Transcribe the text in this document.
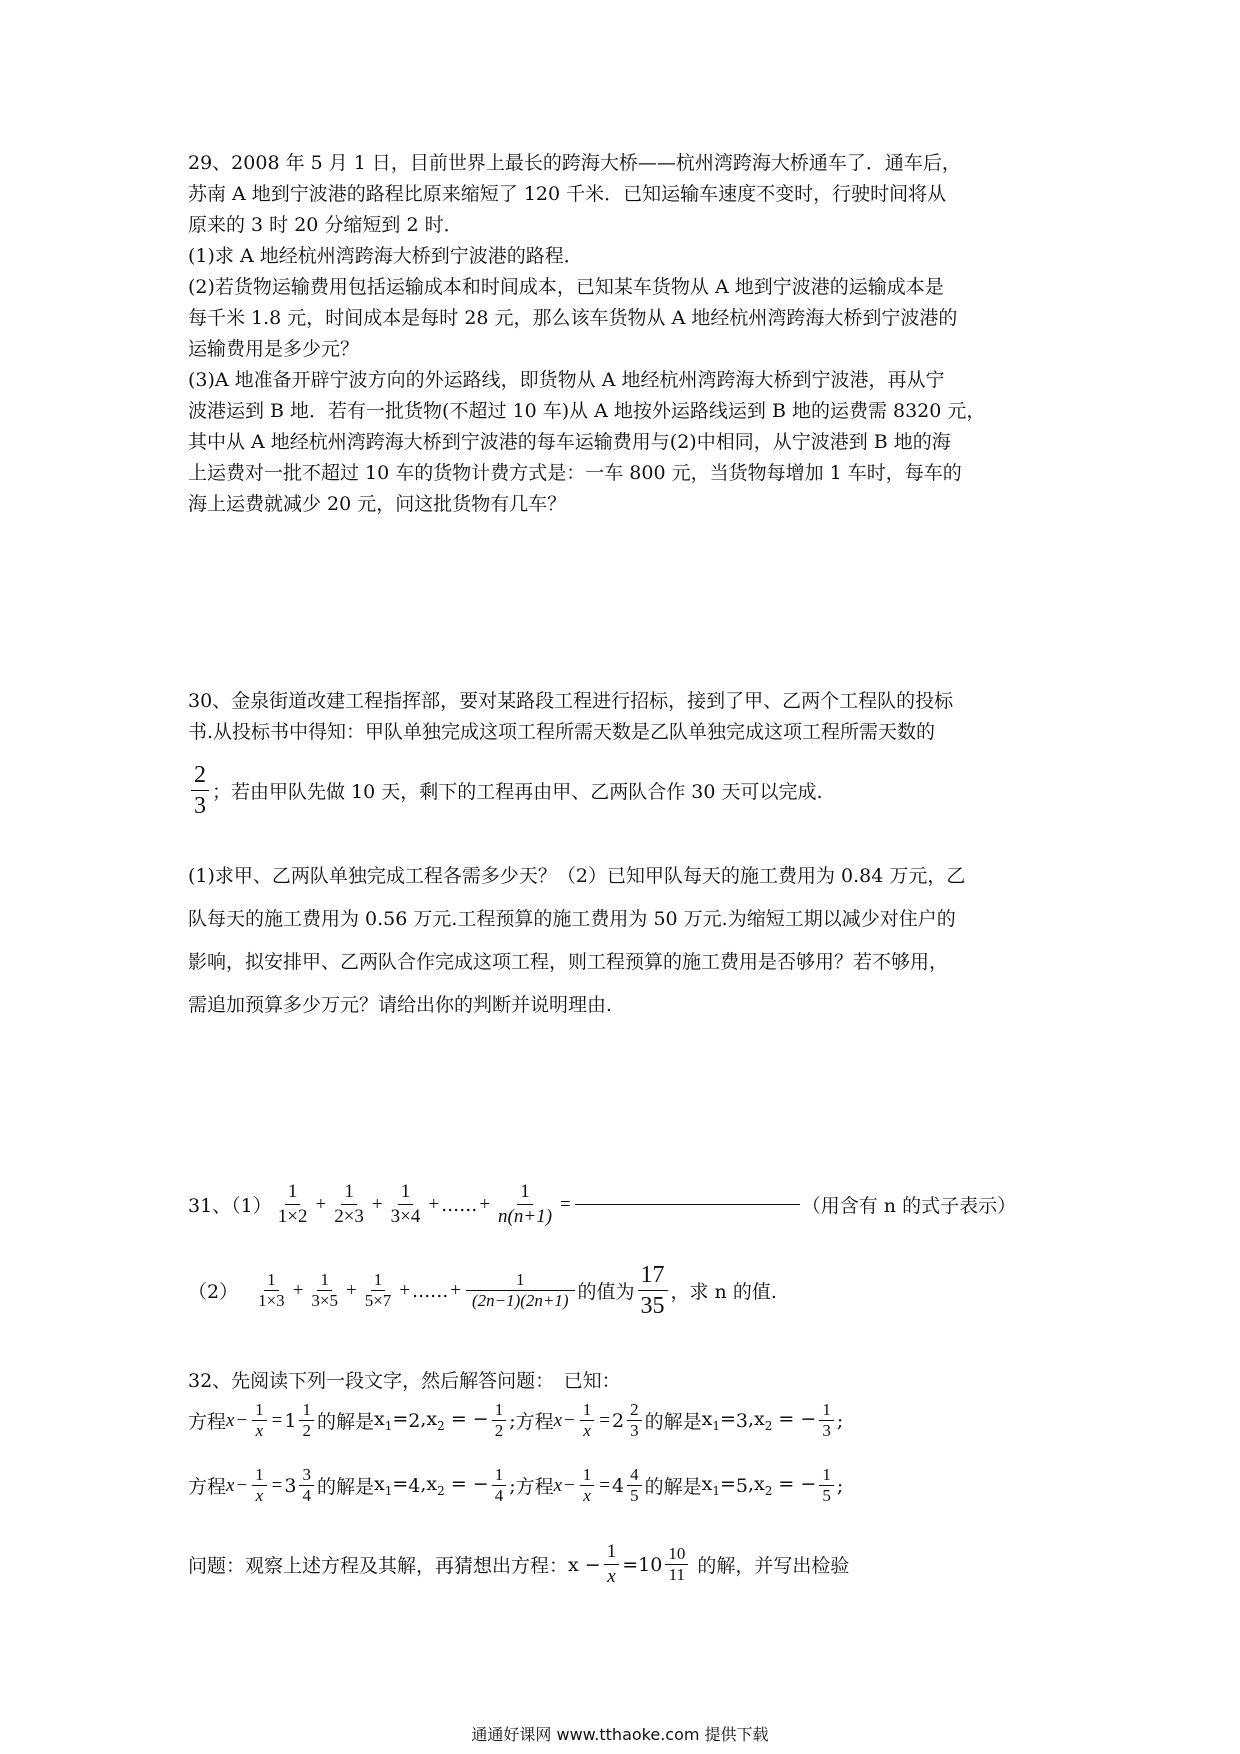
29、2008 年 5 月 1 日，目前世界上最长的跨海大桥——杭州湾跨海大桥通车了．通车后，
苏南 A 地到宁波港的路程比原来缩短了 120 千米．已知运输车速度不变时，行驶时间将从
原来的 3 时 20 分缩短到 2 时．
(1)求 A 地经杭州湾跨海大桥到宁波港的路程．
(2)若货物运输费用包括运输成本和时间成本，已知某车货物从 A 地到宁波港的运输成本是
每千米 1.8 元，时间成本是每时 28 元，那么该车货物从 A 地经杭州湾跨海大桥到宁波港的
运输费用是多少元？
(3)A 地准备开辟宁波方向的外运路线，即货物从 A 地经杭州湾跨海大桥到宁波港，再从宁
波港运到 B 地．若有一批货物(不超过 10 车)从 A 地按外运路线运到 B 地的运费需 8320 元，
其中从 A 地经杭州湾跨海大桥到宁波港的每车运输费用与(2)中相同，从宁波港到 B 地的海
上运费对一批不超过 10 车的货物计费方式是：一车 800 元，当货物每增加 1 车时，每车的
海上运费就减少 20 元，问这批货物有几车？
30、金泉街道改建工程指挥部，要对某路段工程进行招标，接到了甲、乙两个工程队的投标
书.从投标书中得知：甲队单独完成这项工程所需天数是乙队单独完成这项工程所需天数的
$\frac{2}{3}$ ；若由甲队先做 10 天，剩下的工程再由甲、乙两队合作 30 天可以完成.
(1)求甲、乙两队单独完成工程各需多少天？（2）已知甲队每天的施工费用为 0.84 万元，乙
队每天的施工费用为 0.56 万元.工程预算的施工费用为 50 万元.为缩短工期以减少对住户的
影响，拟安排甲、乙两队合作完成这项工程，则工程预算的施工费用是否够用？若不够用，
需追加预算多少万元？请给出你的判断并说明理由.
31、$(1) \frac{1}{1\times 2} + \frac{1}{2\times 3} + \frac{1}{3\times 4}$ + ...... + $\frac{1}{n(n+1)}$ =	（用含有 n 的式子表示）
$(2) \frac{1}{1\times 3} + \frac{1}{3\times 5} + \frac{1}{5\times 7}$ + ...... + $\frac{1}{(2n-1)(2n+1)}$ 的值为 $\frac{17}{35}$ ，求 n 的值.
32、先阅读下列一段文字，然后解答问题：　已知：
方程 $x - \frac{1}{x} = 1 \frac{1}{2}$ 的解是 $x_1= 2$ $,x_2$ = − $\frac{1}{2}$ ; 方程 $x - \frac{1}{x} = 2 \frac{2}{3}$ 的解是 $x_1= 3$ $,x_2$ = − $\frac{1}{3}$ ;
方程 $x - \frac{1}{x} = 3 \frac{3}{4}$ 的解是 $x_1= 4$ $,x_2$ = − $\frac{1}{4}$ ; 方程 $x - \frac{1}{x} = 4 \frac{4}{5}$ 的解是 $x_1= 5$ $,x_2$ = − $\frac{1}{5}$ ;
问题：观察上述方程及其解，再猜想出方程： $x - \frac{1}{x} = 10 \frac{10}{11}$ 的解，并写出检验
通通好课网 www.tthaoke.com 提供下载
